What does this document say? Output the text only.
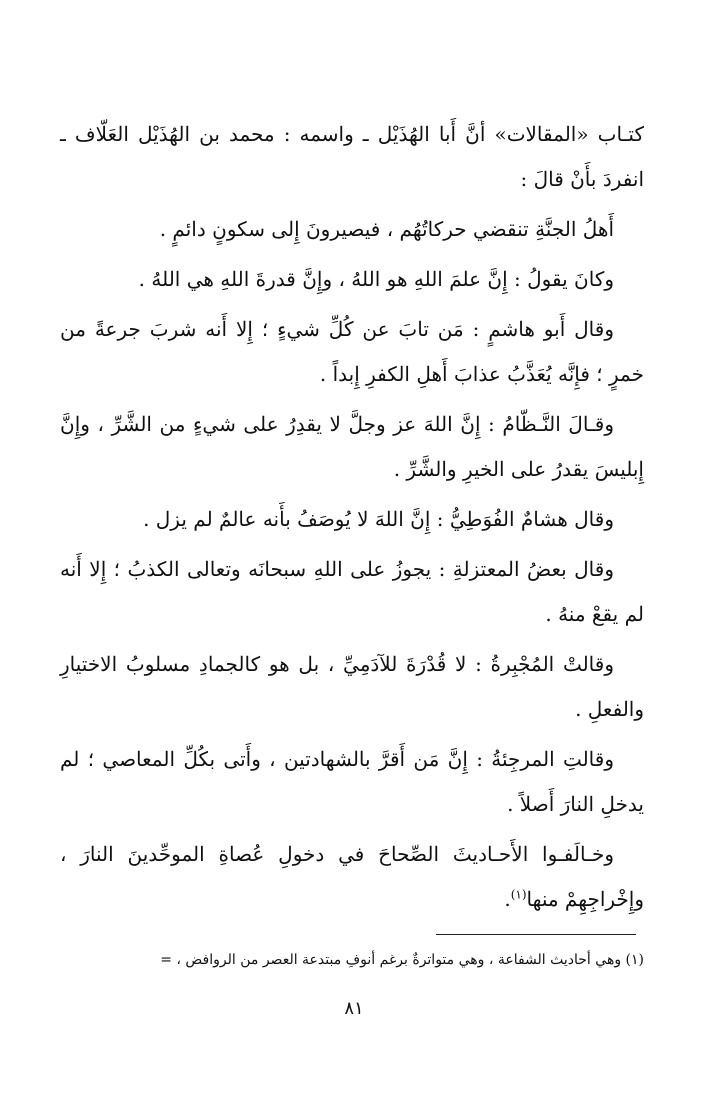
كتـاب «المقالات» أنَّ أَبا الهُذَيْل ـ واسمه : محمد بن الهُذَيْل العَلّاف ـ انفردَ بأَنْ قالَ :

أَهلُ الجنَّةِ تنقضي حركاتُهُم ، فيصيرونَ إِلى سكونٍ دائمٍ .

وكانَ يقولُ : إِنَّ علمَ اللهِ هو اللهُ ، وإِنَّ قدرةَ اللهِ هي اللهُ .

وقال أَبو هاشمٍ : مَن تابَ عن كُلِّ شيءٍ ؛ إِلا أَنه شربَ جرعةً من خمرٍ ؛ فإِنَّه يُعَذَّبُ عذابَ أَهلِ الكفرِ إِبداً .

وقـالَ النَّـظّامُ : إِنَّ اللهَ عز وجلَّ لا يقدِرُ على شيءٍ من الشَّرِّ ، وإِنَّ إِبليسَ يقدرُ على الخيرِ والشَّرِّ .

وقال هشامٌ الفُوَطِيُّ : إِنَّ اللهَ لا يُوصَفُ بأَنه عالمٌ لم يزل .

وقال بعضُ المعتزلةِ : يجوزُ على اللهِ سبحانَه وتعالى الكذبُ ؛ إِلا أَنه لم يقعْ منهُ .

وقالتْ المُجْبِرةُ : لا قُدْرَةَ للآدَمِيِّ ، بل هو كالجمادِ مسلوبُ الاختيارِ والفعلِ .

وقالتِ المرجِئةُ : إِنَّ مَن أَقرَّ بالشهادتين ، وأَتى بكُلِّ المعاصي ؛ لم يدخلِ النارَ أَصلاً .

وخـالَفـوا الأَحـاديثَ الصِّحاحَ في دخولِ عُصاةِ الموحِّدينَ النارَ ، وإِخْراجِهِمْ منها$^{(١)}$.

(١) وهي أحاديث الشفاعة ، وهي متواترةٌ برغم أنوفِ مبتدعة العصر من الروافض ، =
٨١
